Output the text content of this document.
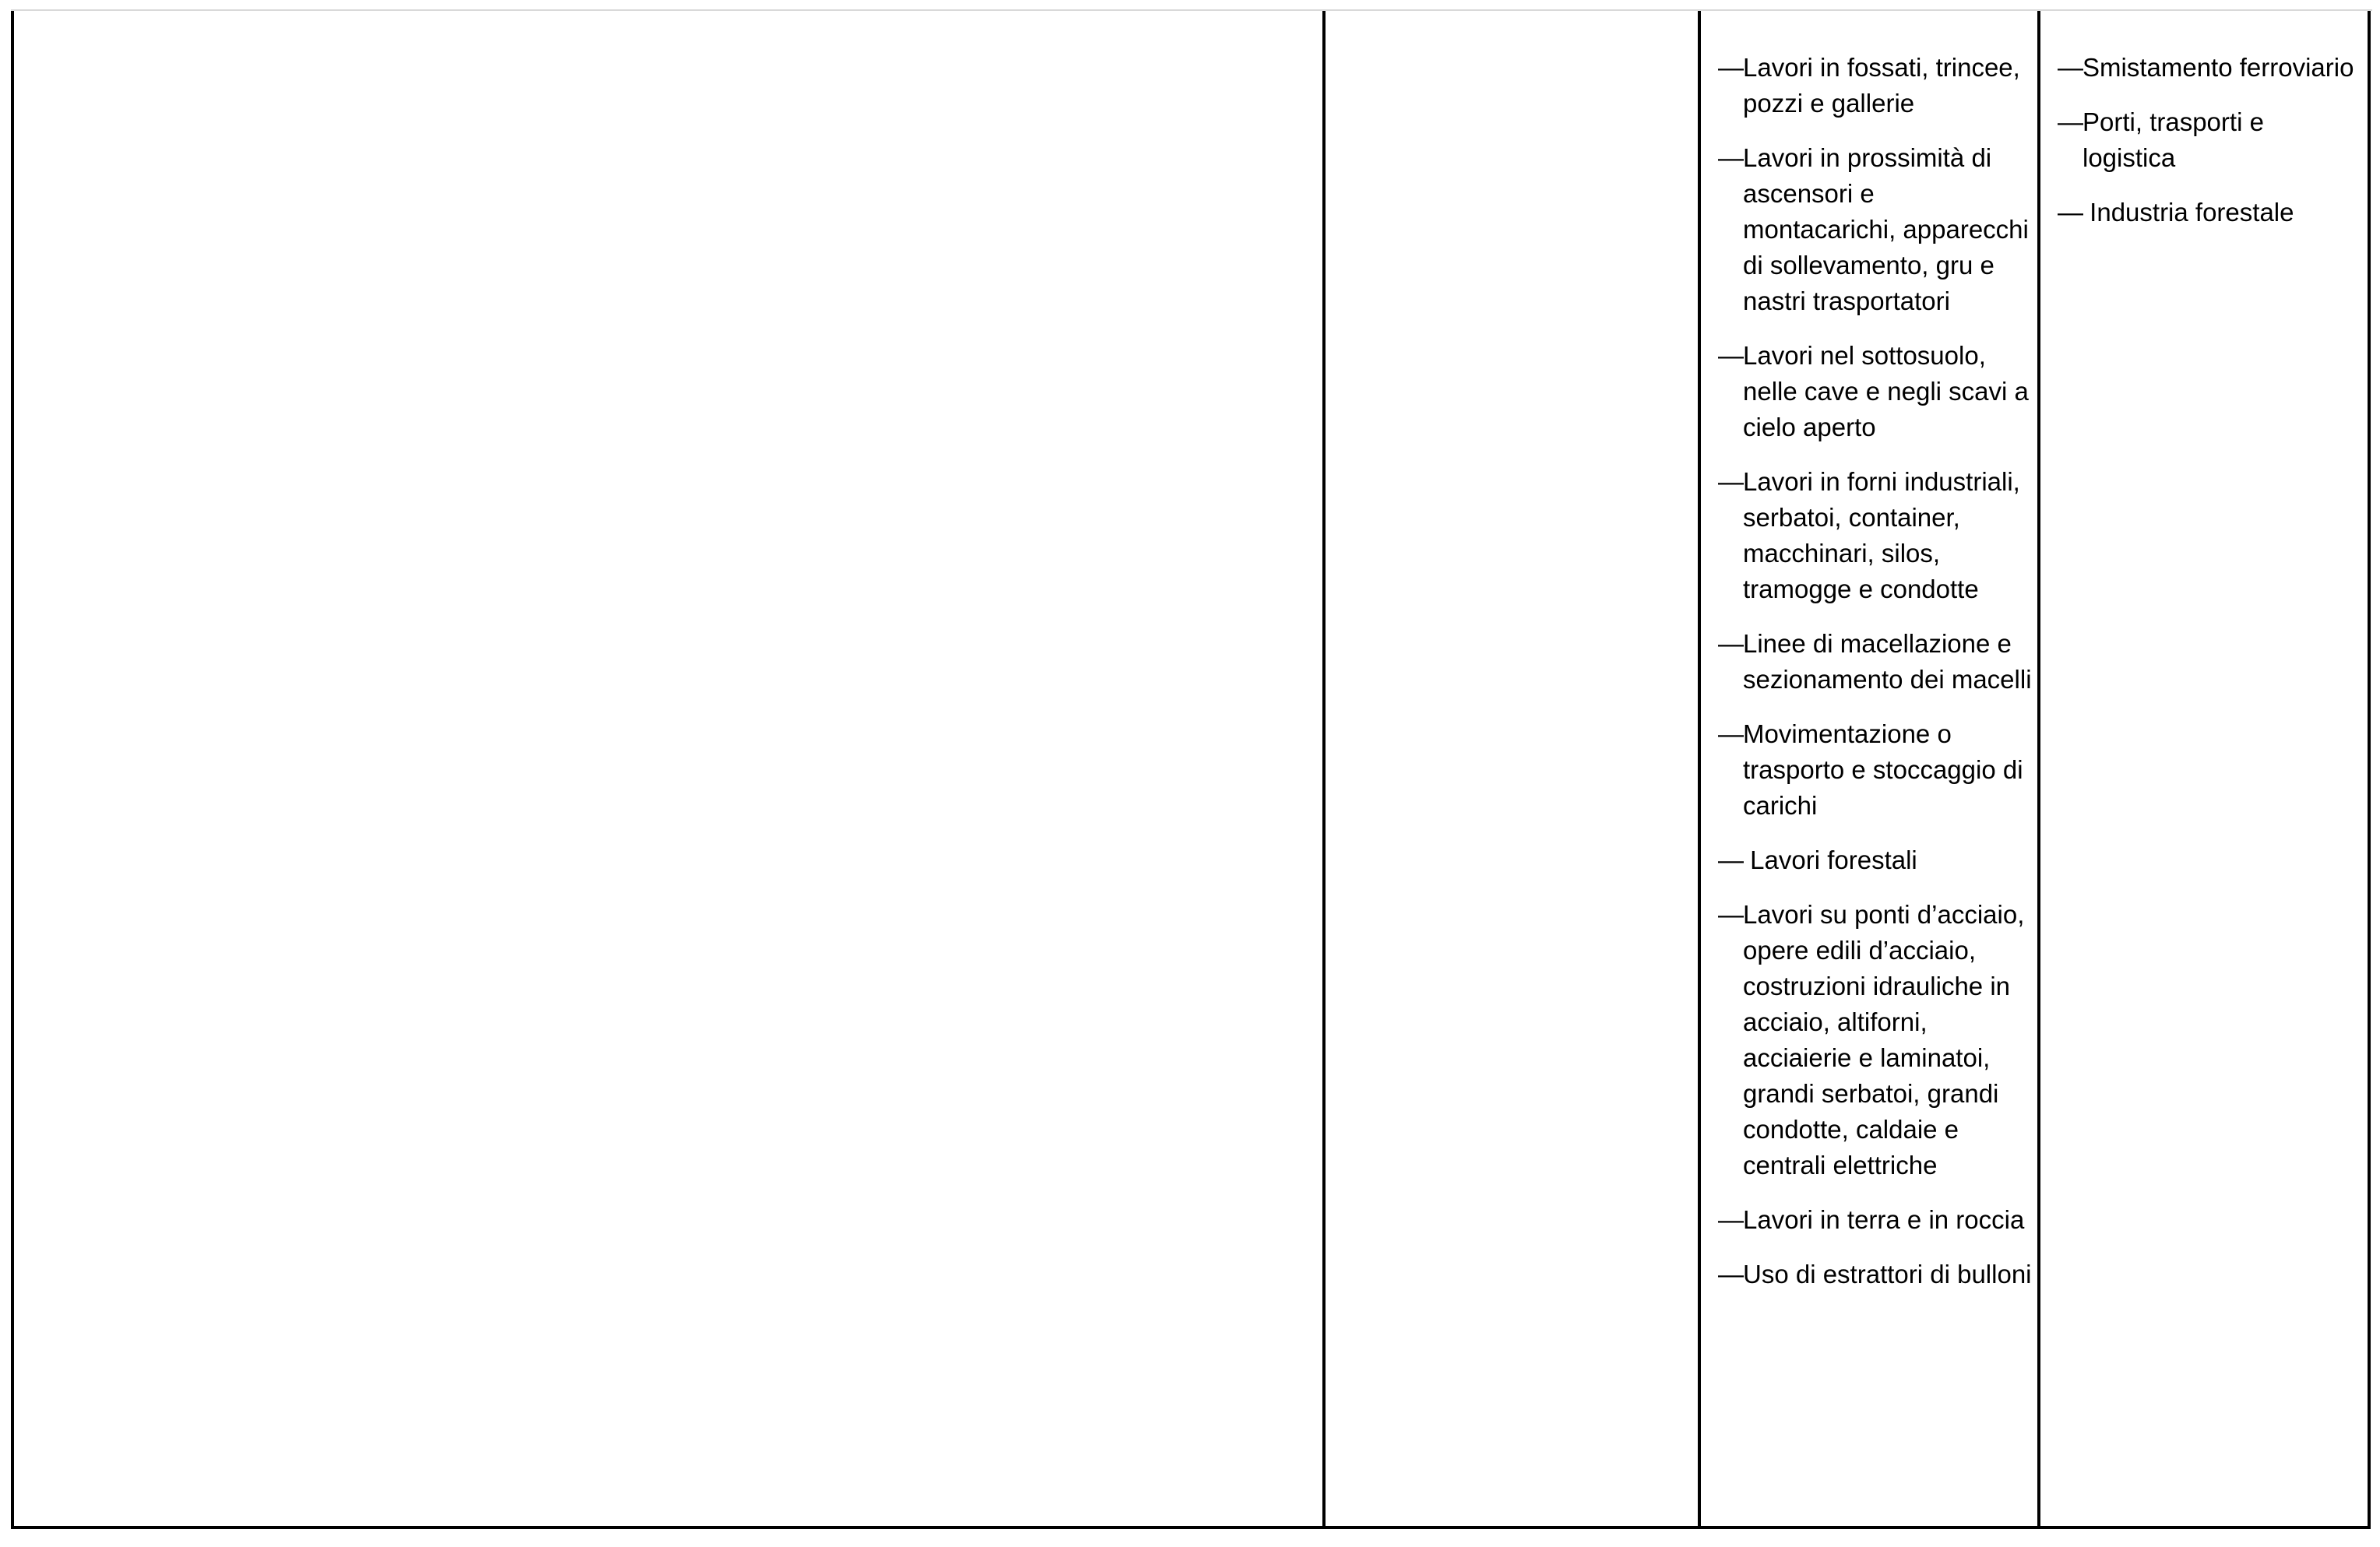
— Lavori in fossati, trincee, pozzi e gallerie
— Lavori in prossimità di ascensori e montacarichi, apparecchi di sollevamento, gru e nastri trasportatori
— Lavori nel sottosuolo, nelle cave e negli scavi a cielo aperto
— Lavori in forni industriali, serbatoi, container, macchinari, silos, tramogge e condotte
— Linee di macellazione e sezionamento dei macelli
— Movimentazione o trasporto e stoccaggio di carichi
— Lavori forestali
— Lavori su ponti d’acciaio, opere edili d’acciaio, costruzioni idrauliche in acciaio, altiforni, acciaierie e laminatoi, grandi serbatoi, grandi condotte, caldaie e centrali elettriche
— Lavori in terra e in roccia
— Uso di estrattori di bulloni
— Smistamento ferroviario
— Porti, trasporti e logistica
— Industria forestale
